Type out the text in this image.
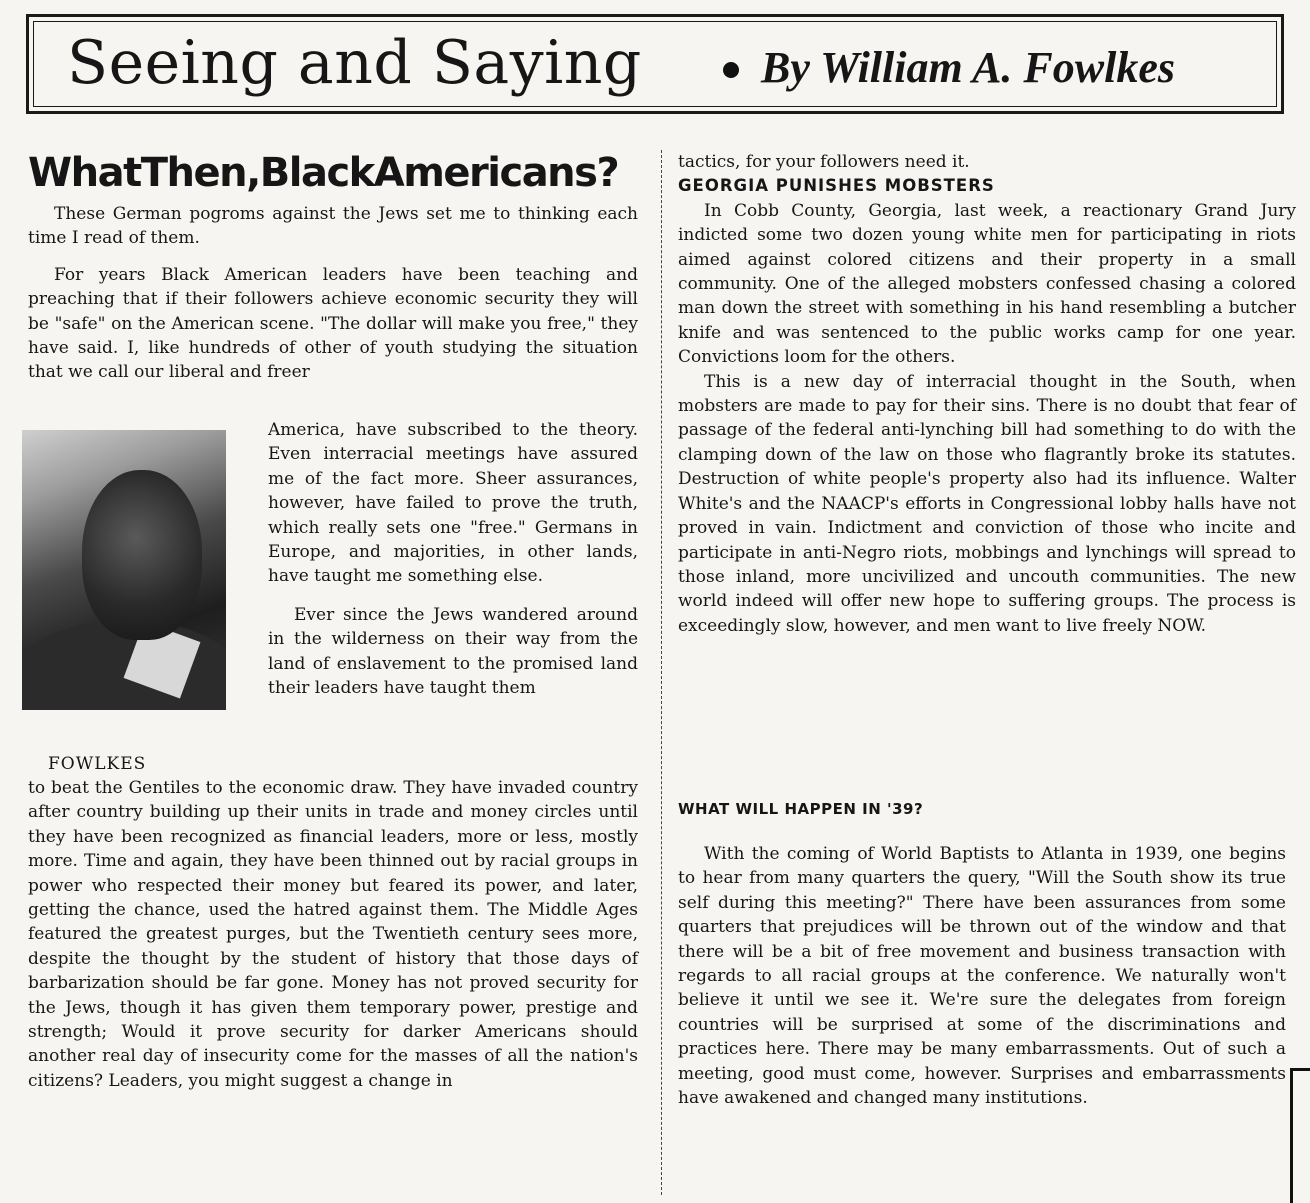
Seeing and Saying	By William A. Fowlkes
WhatThen,BlackAmericans?

These German pogroms against the Jews set me to thinking each time I read of them.

For years Black American leaders have been teaching and preaching that if their followers achieve economic security they will be "safe" on the American scene. "The dollar will make you free," they have said. I, like hundreds of other of youth studying the situation that we call our liberal and freer

America, have subscribed to the theory. Even interracial meetings have assured me of the fact more. Sheer assurances, however, have failed to prove the truth, which really sets one "free." Germans in Europe, and majorities, in other lands, have taught me something else.

Ever since the Jews wandered around in the wilderness on their way from the land of enslavement to the promised land their leaders have taught them

FOWLKES

to beat the Gentiles to the economic draw. They have invaded country after country building up their units in trade and money circles until they have been recognized as financial leaders, more or less, mostly more. Time and again, they have been thinned out by racial groups in power who respected their money but feared its power, and later, getting the chance, used the hatred against them. The Middle Ages featured the greatest purges, but the Twentieth century sees more, despite the thought by the student of history that those days of barbarization should be far gone. Money has not proved security for the Jews, though it has given them temporary power, prestige and strength; Would it prove security for darker Americans should another real day of insecurity come for the masses of all the nation's citizens? Leaders, you might suggest a change in

tactics, for your followers need it.

GEORGIA PUNISHES MOBSTERS

In Cobb County, Georgia, last week, a reactionary Grand Jury indicted some two dozen young white men for participating in riots aimed against colored citizens and their property in a small community. One of the alleged mobsters confessed chasing a colored man down the street with something in his hand resembling a butcher knife and was sentenced to the public works camp for one year. Convictions loom for the others.

This is a new day of interracial thought in the South, when mobsters are made to pay for their sins. There is no doubt that fear of passage of the federal anti-lynching bill had something to do with the clamping down of the law on those who flagrantly broke its statutes. Destruction of white people's property also had its influence. Walter White's and the NAACP's efforts in Congressional lobby halls have not proved in vain. Indictment and conviction of those who incite and participate in anti-Negro riots, mobbings and lynchings will spread to those inland, more uncivilized and uncouth communities. The new world indeed will offer new hope to suffering groups. The process is exceedingly slow, however, and men want to live freely NOW.

WHAT WILL HAPPEN IN '39?

With the coming of World Baptists to Atlanta in 1939, one begins to hear from many quarters the query, "Will the South show its true self during this meeting?" There have been assurances from some quarters that prejudices will be thrown out of the window and that there will be a bit of free movement and business transaction with regards to all racial groups at the conference. We naturally won't believe it until we see it. We're sure the delegates from foreign countries will be surprised at some of the discriminations and practices here. There may be many embarrassments. Out of such a meeting, good must come, however. Surprises and embarrassments have awakened and changed many institutions.
